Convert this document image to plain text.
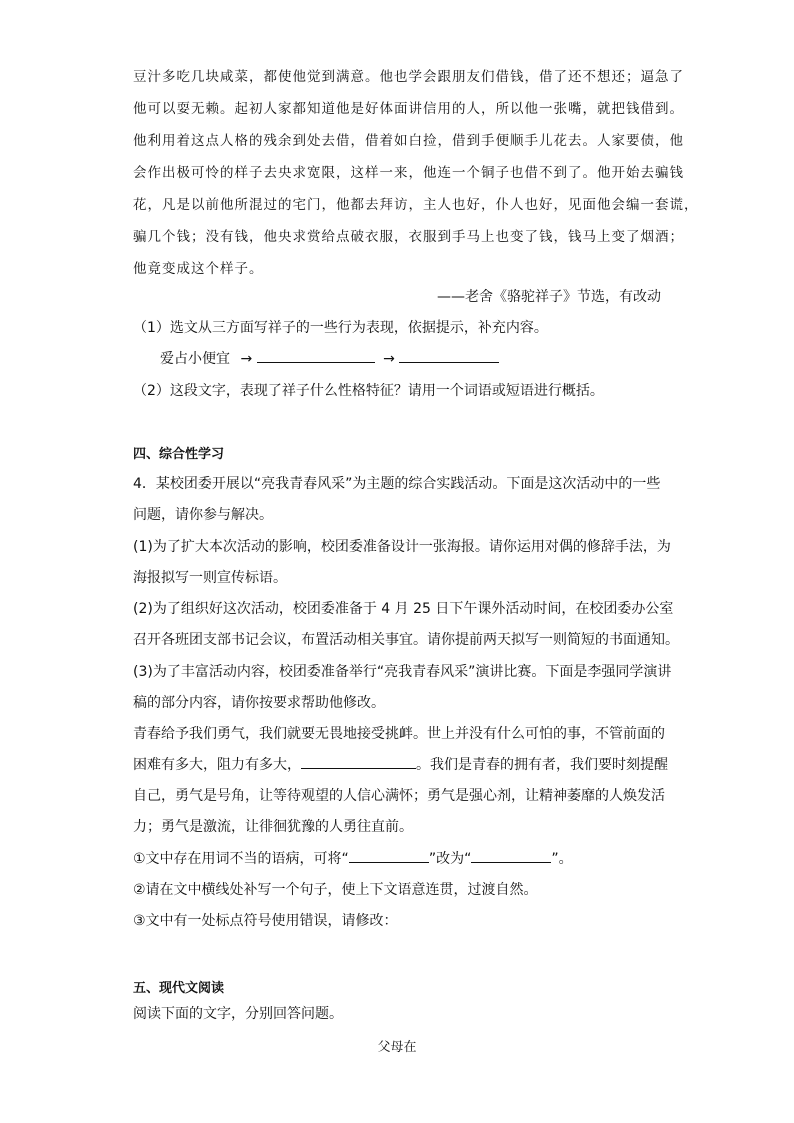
豆汁多吃几块咸菜，都使他觉到满意。他也学会跟朋友们借钱，借了还不想还；逼急了
他可以耍无赖。起初人家都知道他是好体面讲信用的人，所以他一张嘴，就把钱借到。
他利用着这点人格的残余到处去借，借着如白捡，借到手便顺手儿花去。人家要债，他
会作出极可怜的样子去央求宽限，这样一来，他连一个铜子也借不到了。他开始去骗钱
花，凡是以前他所混过的宅门，他都去拜访，主人也好，仆人也好，见面他会编一套谎，
骗几个钱；没有钱，他央求赏给点破衣服，衣服到手马上也变了钱，钱马上变了烟酒；
他竟变成这个样子。
——老舍《骆驼祥子》节选，有改动
（1）选文从三方面写祥子的一些行为表现，依据提示，补充内容。
爱占小便宜 →	→
（2）这段文字，表现了祥子什么性格特征？请用一个词语或短语进行概括。
四、综合性学习
4．某校团委开展以“亮我青春风采”为主题的综合实践活动。下面是这次活动中的一些
问题，请你参与解决。
(1)为了扩大本次活动的影响，校团委准备设计一张海报。请你运用对偶的修辞手法，为
海报拟写一则宣传标语。
(2)为了组织好这次活动，校团委准备于 4 月 25 日下午课外活动时间，在校团委办公室
召开各班团支部书记会议，布置活动相关事宜。请你提前两天拟写一则简短的书面通知。
(3)为了丰富活动内容，校团委准备举行“亮我青春风采”演讲比赛。下面是李强同学演讲
稿的部分内容，请你按要求帮助他修改。
青春给予我们勇气，我们就要无畏地接受挑衅。世上并没有什么可怕的事，不管前面的
困难有多大，阻力有多大，	。我们是青春的拥有者，我们要时刻提醒
自己，勇气是号角，让等待观望的人信心满怀；勇气是强心剂，让精神萎靡的人焕发活
力；勇气是激流，让徘徊犹豫的人勇往直前。
①文中存在用词不当的语病，可将“	”改为“	”。
②请在文中横线处补写一个句子，使上下文语意连贯，过渡自然。
③文中有一处标点符号使用错误，请修改：
五、现代文阅读
阅读下面的文字，分别回答问题。
父母在
